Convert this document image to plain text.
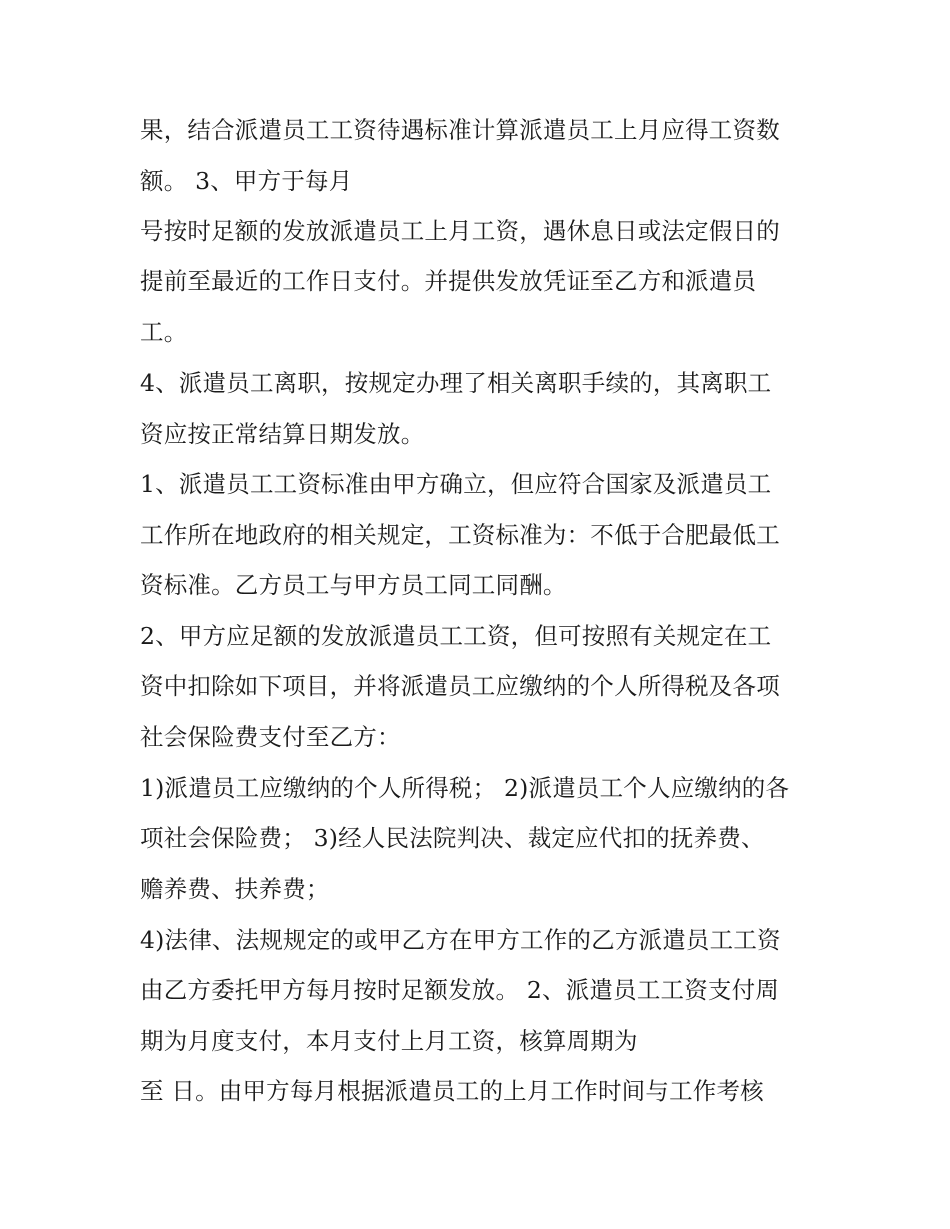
果，结合派遣员工工资待遇标准计算派遣员工上月应得工资数
额。 3、甲方于每月
号按时足额的发放派遣员工上月工资，遇休息日或法定假日的
提前至最近的工作日支付。并提供发放凭证至乙方和派遣员
工。
4、派遣员工离职，按规定办理了相关离职手续的，其离职工
资应按正常结算日期发放。
1、派遣员工工资标准由甲方确立，但应符合国家及派遣员工
工作所在地政府的相关规定，工资标准为：不低于合肥最低工
资标准。乙方员工与甲方员工同工同酬。
2、甲方应足额的发放派遣员工工资，但可按照有关规定在工
资中扣除如下项目，并将派遣员工应缴纳的个人所得税及各项
社会保险费支付至乙方：
1)派遣员工应缴纳的个人所得税； 2)派遣员工个人应缴纳的各
项社会保险费； 3)经人民法院判决、裁定应代扣的抚养费、
赡养费、扶养费；
4)法律、法规规定的或甲乙方在甲方工作的乙方派遣员工工资
由乙方委托甲方每月按时足额发放。 2、派遣员工工资支付周
期为月度支付，本月支付上月工资，核算周期为
至 日。由甲方每月根据派遣员工的上月工作时间与工作考核
